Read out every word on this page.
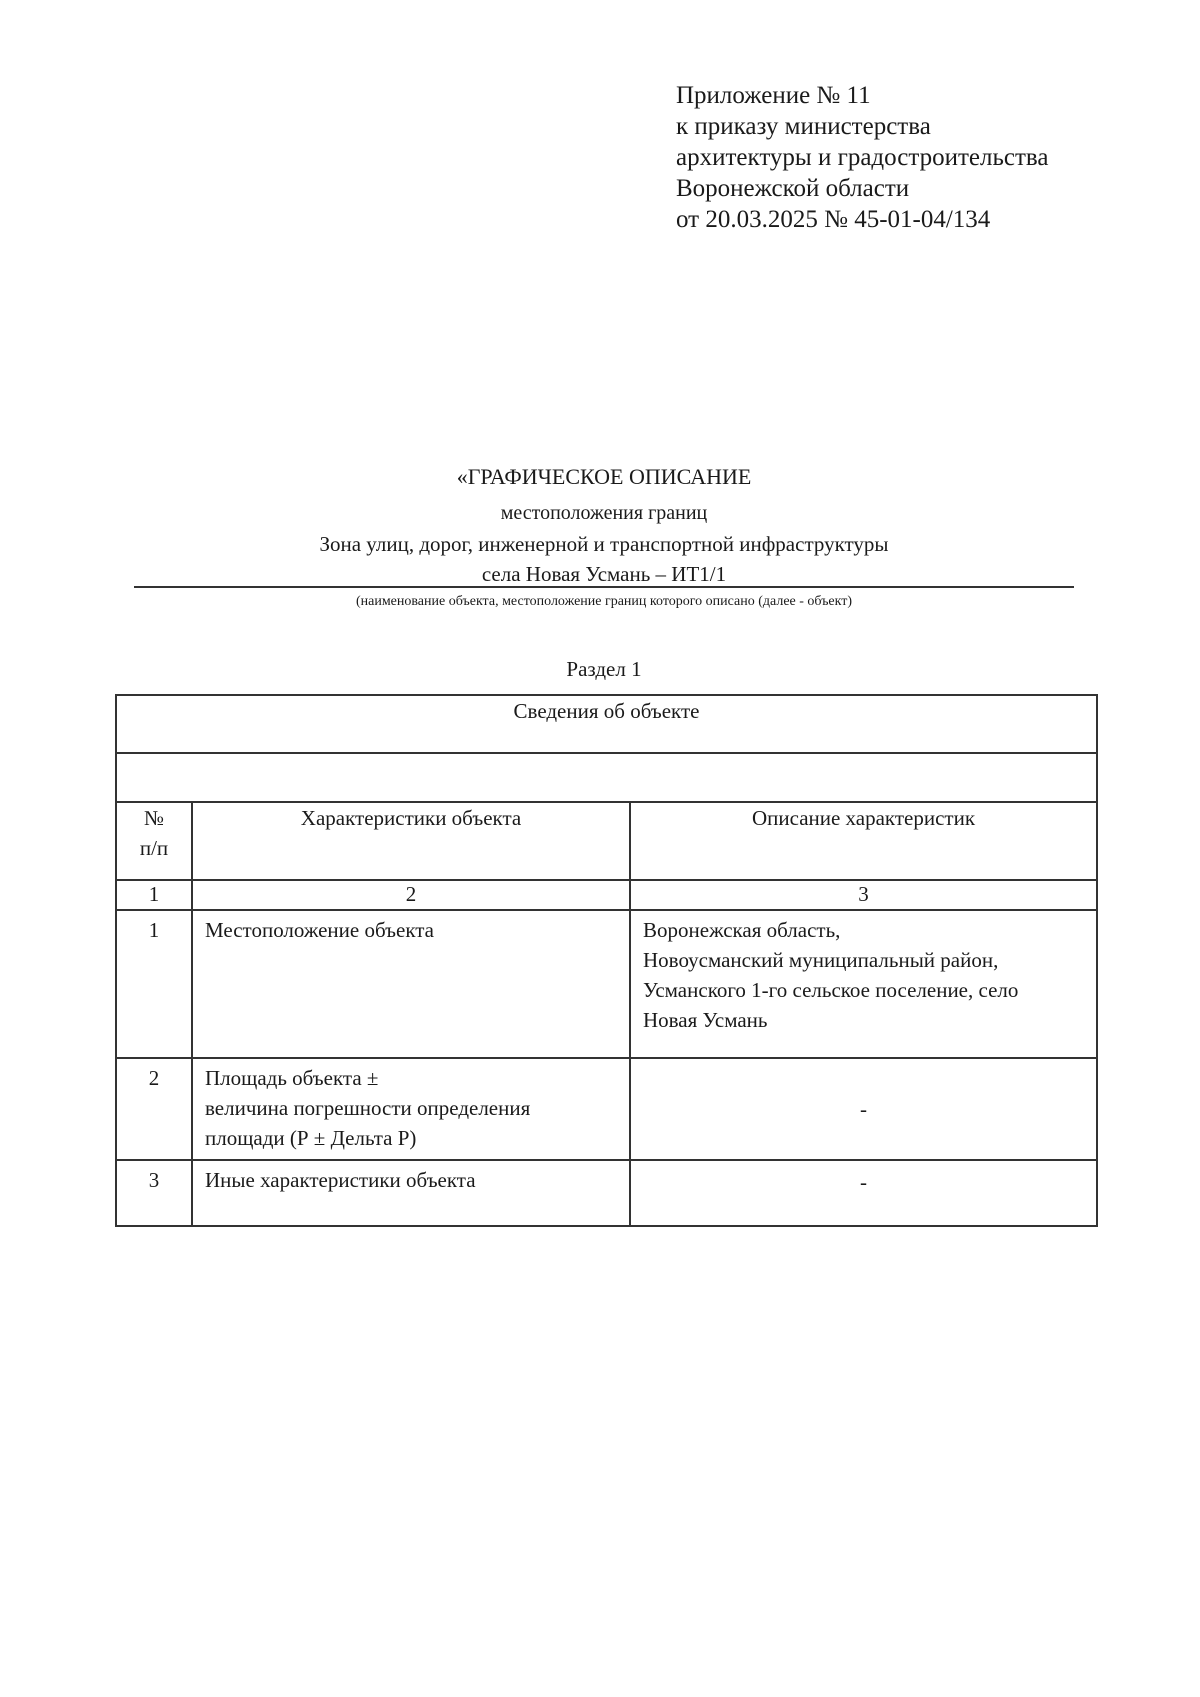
Приложение № 11
к приказу министерства
архитектуры и градостроительства
Воронежской области
от 20.03.2025 № 45-01-04/134
«ГРАФИЧЕСКОЕ ОПИСАНИЕ
местоположения границ
Зона улиц, дорог, инженерной и транспортной инфраструктуры
села Новая Усмань – ИТ1/1
(наименование объекта, местоположение границ которого описано (далее - объект)
Раздел 1
Сведения об объекте		

№
п/п	Характеристики объекта	Описание характеристик
1	2	3
1	Местоположение объекта	Воронежская область,
Новоусманский муниципальный район,
Усманского 1-го сельское поселение, село
Новая Усмань

2	Площадь объекта ±
величина погрешности определения
площади (Р ± Дельта Р)	-
3	Иные характеристики объекта	-
